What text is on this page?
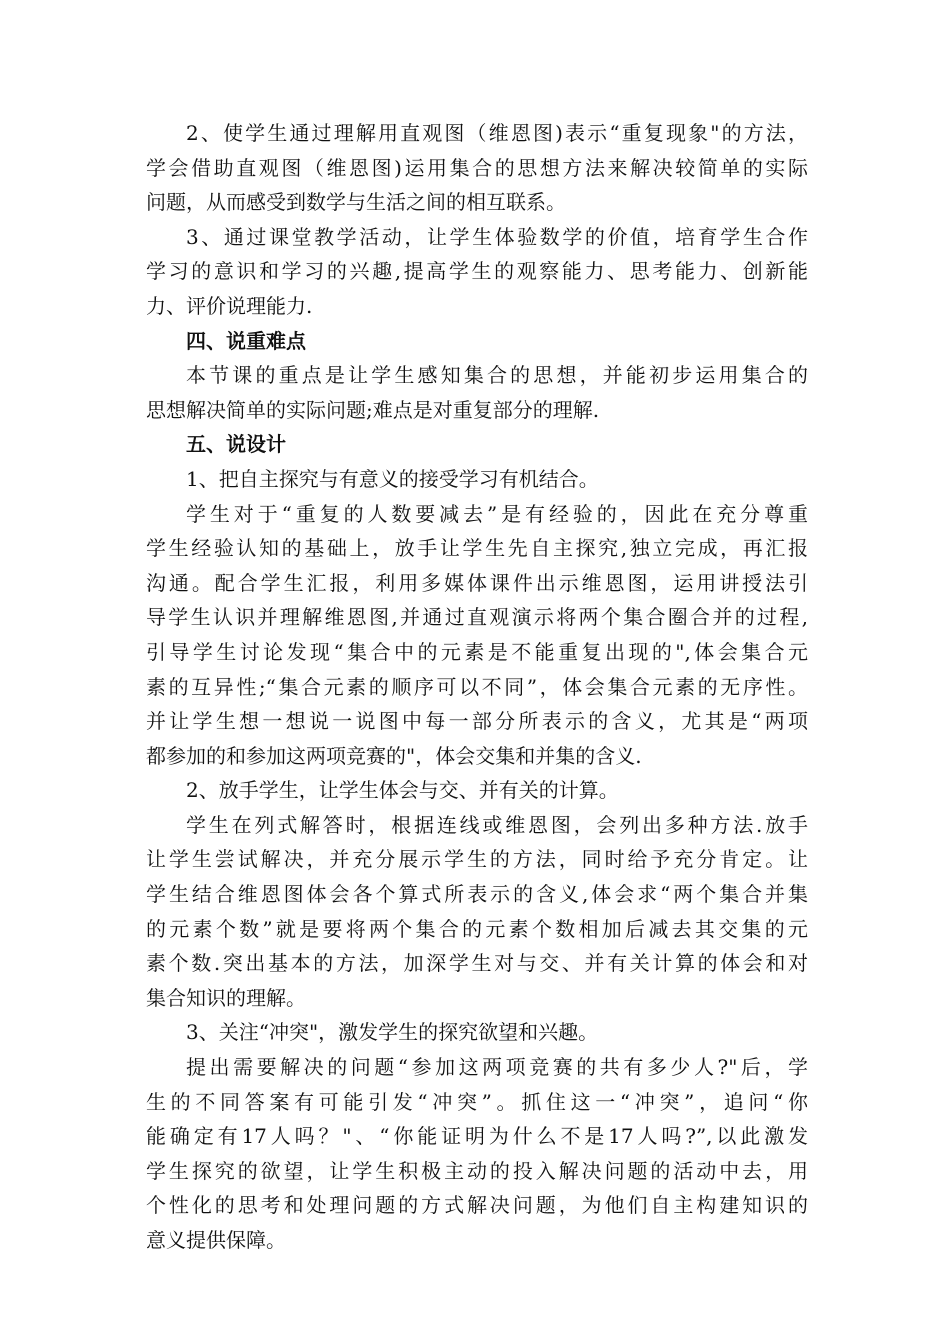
2、使学生通过理解用直观图（维恩图)表示“重复现象"的方法，
学会借助直观图（维恩图)运用集合的思想方法来解决较简单的实际
问题，从而感受到数学与生活之间的相互联系。
3、通过课堂教学活动，让学生体验数学的价值，培育学生合作
学习的意识和学习的兴趣,提高学生的观察能力、思考能力、创新能
力、评价说理能力.
四、说重难点
本节课的重点是让学生感知集合的思想，并能初步运用集合的
思想解决简单的实际问题;难点是对重复部分的理解.
五、说设计
1、把自主探究与有意义的接受学习有机结合。
学生对于“重复的人数要减去”是有经验的，因此在充分尊重
学生经验认知的基础上，放手让学生先自主探究,独立完成，再汇报
沟通。配合学生汇报，利用多媒体课件出示维恩图，运用讲授法引
导学生认识并理解维恩图,并通过直观演示将两个集合圈合并的过程,
引导学生讨论发现“集合中的元素是不能重复出现的",体会集合元
素的互异性;“集合元素的顺序可以不同”，体会集合元素的无序性。
并让学生想一想说一说图中每一部分所表示的含义，尤其是“两项
都参加的和参加这两项竞赛的"，体会交集和并集的含义.
2、放手学生，让学生体会与交、并有关的计算。
学生在列式解答时，根据连线或维恩图，会列出多种方法.放手
让学生尝试解决，并充分展示学生的方法，同时给予充分肯定。让
学生结合维恩图体会各个算式所表示的含义,体会求“两个集合并集
的元素个数”就是要将两个集合的元素个数相加后减去其交集的元
素个数.突出基本的方法，加深学生对与交、并有关计算的体会和对
集合知识的理解。
3、关注“冲突"，激发学生的探究欲望和兴趣。
提出需要解决的问题“参加这两项竞赛的共有多少人?"后，学
生的不同答案有可能引发“冲突”。抓住这一“冲突”，追问“你
能确定有17人吗？"、“你能证明为什么不是17人吗?”,以此激发
学生探究的欲望，让学生积极主动的投入解决问题的活动中去，用
个性化的思考和处理问题的方式解决问题，为他们自主构建知识的
意义提供保障。
